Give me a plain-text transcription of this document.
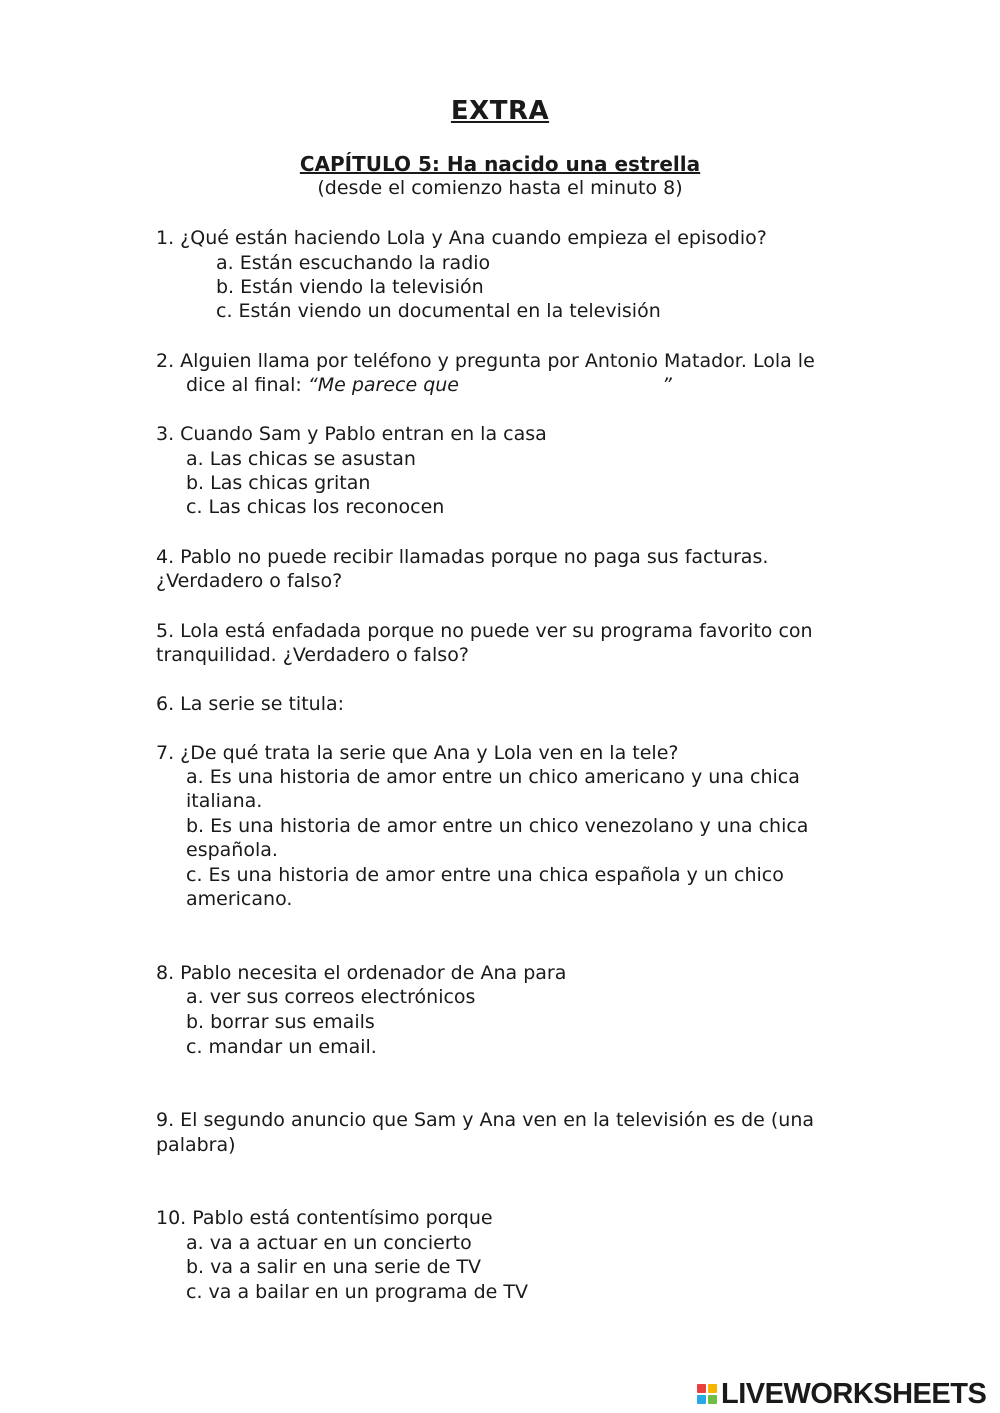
EXTRA
CAPÍTULO 5: Ha nacido una estrella
(desde el comienzo hasta el minuto 8)
1. ¿Qué están haciendo Lola y Ana cuando empieza el episodio?
a. Están escuchando la radio
b. Están viendo la televisión
c. Están viendo un documental en la televisión
2. Alguien llama por teléfono y pregunta por Antonio Matador. Lola le
dice al final: “Me parece que	”
3. Cuando Sam y Pablo entran en la casa
a. Las chicas se asustan
b. Las chicas gritan
c. Las chicas los reconocen
4. Pablo no puede recibir llamadas porque no paga sus facturas.
¿Verdadero o falso?
5. Lola está enfadada porque no puede ver su programa favorito con
tranquilidad. ¿Verdadero o falso?
6. La serie se titula:
7. ¿De qué trata la serie que Ana y Lola ven en la tele?
a. Es una historia de amor entre un chico americano y una chica
italiana.
b. Es una historia de amor entre un chico venezolano y una chica
española.
c. Es una historia de amor entre una chica española y un chico
americano.
8. Pablo necesita el ordenador de Ana para
a. ver sus correos electrónicos
b. borrar sus emails
c. mandar un email.
9. El segundo anuncio que Sam y Ana ven en la televisión es de (una
palabra)
10. Pablo está contentísimo porque
a. va a actuar en un concierto
b. va a salir en una serie de TV
c. va a bailar en un programa de TV
LIVEWORKSHEETS
